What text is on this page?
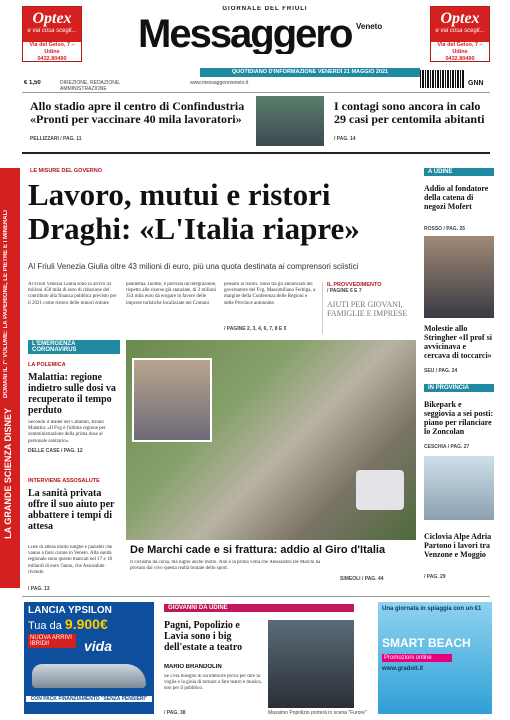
Optex
e vai cosa scegli...
Via del Gelso, 7 – Udine
0432.80490
GIORNALE DEL FRIULI
Messaggero Veneto	Optex
e vai cosa scegli...
Via del Gelso, 7 – Udine
0432.80490
QUOTIDIANO D'INFORMAZIONE VENERDÌ 21 MAGGIO 2021
€ 1,50	DIREZIONE, REDAZIONE, AMMINISTRAZIONE
www.messaggeroveneto.it	GNN
Allo stadio apre il centro di Confindustria «Pronti per vaccinare 40 mila lavoratori»
PELLIZZARI / PAG. 11
I contagi sono ancora in calo 29 casi per centomila abitanti
/ PAG. 14
LA GRANDE SCIENZA DISNEY
DOMANI IL 7° VOLUME: LA PAPERIONE, LE PIETRE E I MINERALI
LE MISURE DEL GOVERNO
Lavoro, mutui e ristori Draghi: «L'Italia riapre»
Al Friuli Venezia Giulia oltre 43 milioni di euro, più una quota destinata ai comprensori sciistici
Al Friuli Venezia Giulia sono in arrivo 43 milioni 450 mila di euro di riduzione del contributo alla finanza pubblica previsto per il 2021 come ristoro delle minori entrate
pandemia. Inoltre, è prevista un'integrazione, rispetto alle risorse già stanziate, di 2 milioni 354 mila euro da erogare in favore delle imprese turistiche localizzate nei Comuni
pensato ai ristori. Sono tra gli annunciati del governatore del Fvg, Massimiliano Fedriga, a margine della Conferenza delle Regioni e delle Province autonome.
/ PAGINE 2, 3, 4, 6, 7, 8 E 9
IL PROVVEDIMENTO
/ PAGINE 6 E 7
AIUTI PER GIOVANI, FAMIGLIE E IMPRESE
L'EMERGENZA CORONAVIRUS
LA POLEMICA
Malattia: regione indietro sulle dosi va recuperato il tempo perduto
Secondo il leader dei Cittadini, Bruno Malattia: «Il Fvg è l'ultima regione per somministrazione della prima dose al personale sanitario».
DELLE CASE / PAG. 12
INTERVIENE ASSOSALUTE
La sanità privata offre il suo aiuto per abbattere i tempi di attesa
Liste di attesa molto lunghe e pazienti che vanno a farsi curare in Veneto. Alla sanità regionale sono questo mancati nel 17 e 18 miliardi di euro l'anno, che Assosalute rivende.
/ PAG. 13
De Marchi cade e si frattura: addio al Giro d'Italia
Il ciclismo da corsa, ma luglio anche molto. Non è la prima volta che Alessandro De Marchi ha provato dal vivo questa realtà brutale dello sport.
SIMEOLI / PAG. 44
A UDINE
Addio al fondatore della catena di negozi Mofert
ROSSO / PAG. 25
Molestie allo Stringher «Il prof si avvicinava e cercava di toccarci»
SEU / PAG. 24
IN PROVINCIA
Bikepark e seggiovia a sei posti: piano per rilanciare lo Zoncolan
CESCHIA / PAG. 27
Ciclovia Alpe Adria Partono i lavori tra Venzone e Moggio
/ PAG. 29
LANCIA YPSILON
Tua da 9.900€
NUOVA ARRIVI IBRIDI!	vida
CON PACK FINANZIAMENTO "SENZA PENSIERI"
GIOVANNI DA UDINE
Pagni, Popolizio e Lavia sono i big dell'estate a teatro
MARIO BRANDOLIN
Se c'era bisogno di un'ulteriore prova per dire la voglia e la gioia di tornare a fare teatro e musica, non per il pubblico.
/ PAG. 38	Massimo Popolizio porterà in scena "Furore"
Una giornata in spiaggia con un €1
SMART BEACH
Promozioni online
www.gradoit.it
